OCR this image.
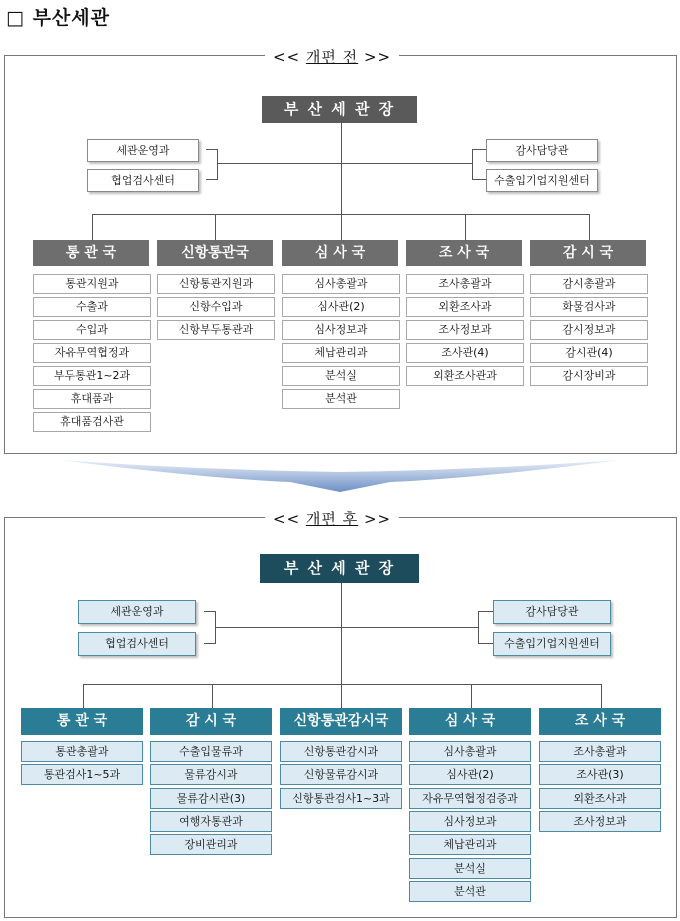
□ 부산세관
<< 개편 전 >>
부 산 세 관 장
세관운영과
협업검사센터
감사담당관
수출입기업지원센터
통 관 국	신항통관국	심 사 국	조 사 국	감 시 국
통관지원과
수출과
수입과
자유무역협정과
부두통관1~2과
휴대품과
휴대품검사관
신항통관지원과
신항수입과
신항부두통관과
심사총괄과
심사관(2)
심사정보과
체납관리과
분석실
분석관
조사총괄과
외환조사과
조사정보과
조사관(4)
외환조사관과
감시총괄과
화물검사과
감시정보과
감시관(4)
감시장비과
<< 개편 후 >>
부 산 세 관 장
세관운영과
협업검사센터
감사담당관
수출입기업지원센터
통 관 국	감 시 국	신항통관감시국	심 사 국	조 사 국
통관총괄과
통관검사1~5과
수출입물류과
물류감시과
물류감시관(3)
여행자통관과
장비관리과
신항통관감시과
신항물류감시과
신항통관검사1~3과
심사총괄과
심사관(2)
자유무역협정검증과
심사정보과
체납관리과
분석실
분석관
조사총괄과
조사관(3)
외환조사과
조사정보과
